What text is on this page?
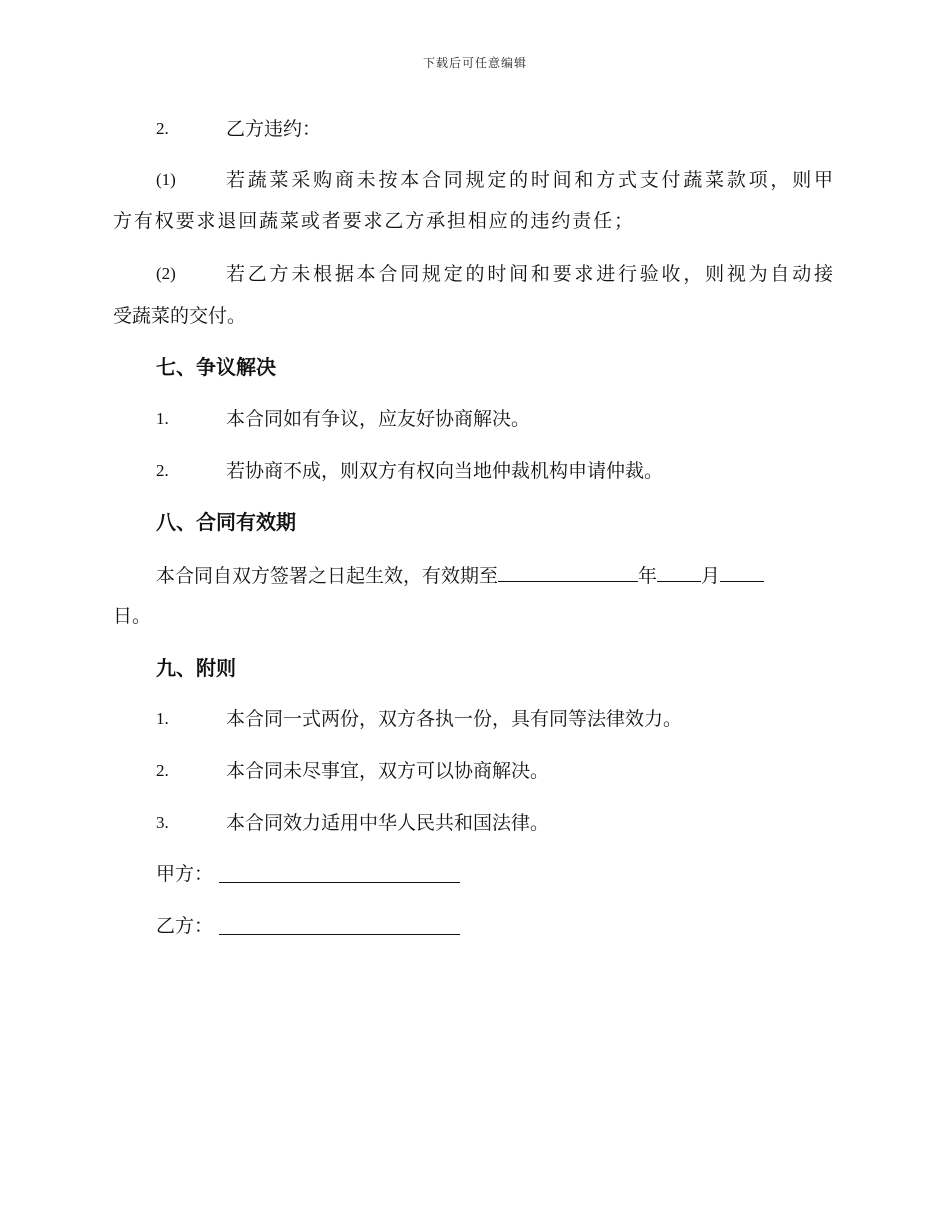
下载后可任意编辑
2.	乙方违约：
(1)	若蔬菜采购商未按本合同规定的时间和方式支付蔬菜款项，则甲
方有权要求退回蔬菜或者要求乙方承担相应的违约责任；
(2)	若乙方未根据本合同规定的时间和要求进行验收，则视为自动接
受蔬菜的交付。
七、争议解决
1.	本合同如有争议，应友好协商解决。
2.	若协商不成，则双方有权向当地仲裁机构申请仲裁。
八、合同有效期
本合同自双方签署之日起生效，有效期至	年 月
日。
九、附则
1.	本合同一式两份，双方各执一份，具有同等法律效力。
2.	本合同未尽事宜，双方可以协商解决。
3.	本合同效力适用中华人民共和国法律。
甲方：
乙方：
